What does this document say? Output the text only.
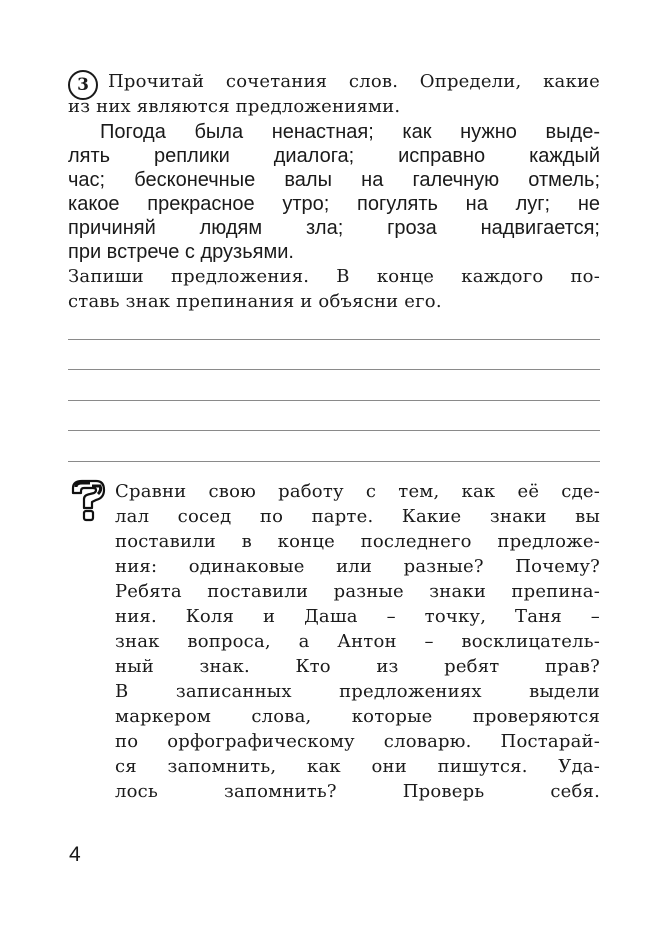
3	Прочитай сочетания слов. Определи, какие
из них являются предложениями.
Погода была ненастная; как нужно выде-
лять реплики диалога; исправно каждый
час; бесконечные валы на галечную отмель;
какое прекрасное утро; погулять на луг; не
причиняй людям зла; гроза надвигается;
при встрече с друзьями.
Запиши предложения. В конце каждого по-
ставь знак препинания и объясни его.
Сравни свою работу с тем, как её сде-
лал сосед по парте. Какие знаки вы
поставили в конце последнего предложе-
ния: одинаковые или разные? Почему?
Ребята поставили разные знаки препина-
ния. Коля и Даша – точку, Таня –
знак вопроса, а Антон – восклицатель-
ный знак. Кто из ребят прав?
В записанных предложениях выдели
маркером слова, которые проверяются
по орфографическому словарю. Постарай-
ся запомнить, как они пишутся. Уда-
лось запомнить? Проверь себя.
4
